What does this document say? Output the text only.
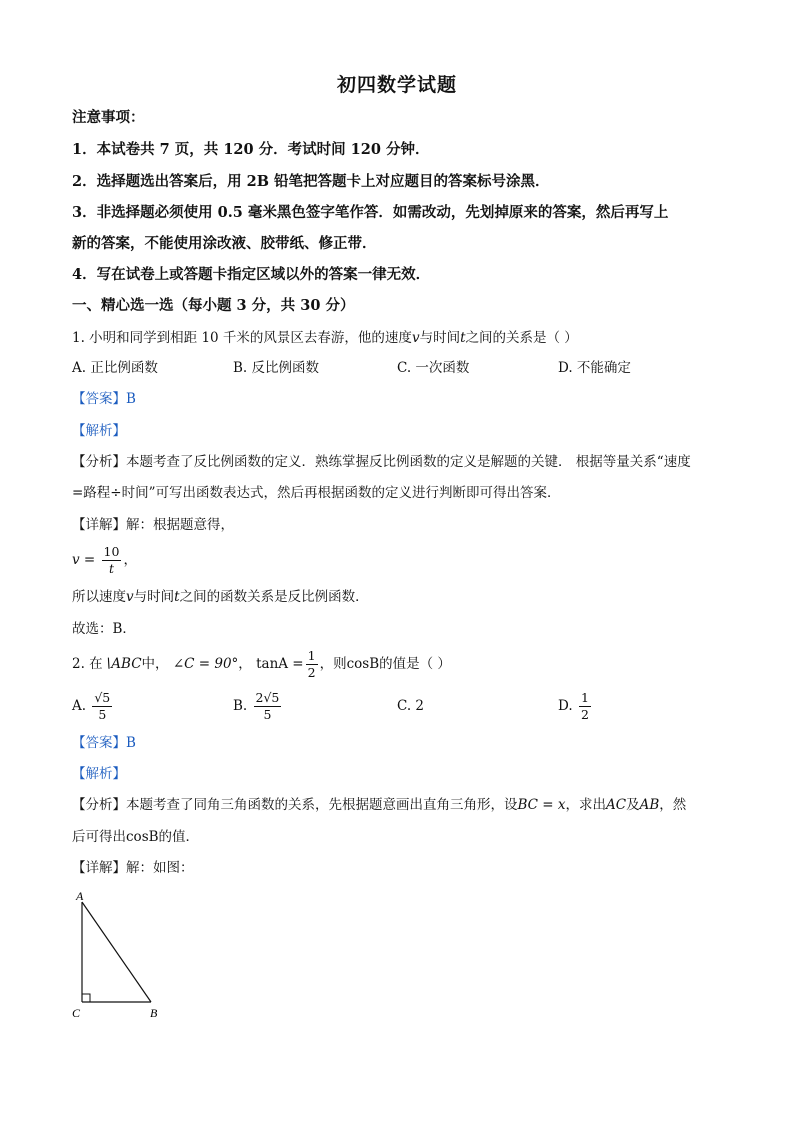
初四数学试题
注意事项：
1．本试卷共 7 页，共 120 分．考试时间 120 分钟．
2．选择题选出答案后，用 2B 铅笔把答题卡上对应题目的答案标号涂黑．
3．非选择题必须使用 0.5 毫米黑色签字笔作答．如需改动，先划掉原来的答案，然后再写上
新的答案，不能使用涂改液、胶带纸、修正带．
4．写在试卷上或答题卡指定区域以外的答案一律无效．
一、精心选一选（每小题 3 分，共 30 分）
1. 小明和同学到相距 10 千米的风景区去春游，他的速度v与时间t之间的关系是（ ）
A. 正比例函数	B. 反比例函数	C. 一次函数	D. 不能确定
【答案】B
【解析】
【分析】本题考查了反比例函数的定义．熟练掌握反比例函数的定义是解题的关键． 根据等量关系“速度
=路程÷时间”可写出函数表达式，然后再根据函数的定义进行判断即可得出答案．
【详解】解：根据题意得，
$v = \frac{10}{t}$ ，
所以速度v与时间t之间的函数关系是反比例函数．
故选：B．
2. 在∖ABC中， ∠C = 90°， $\tan A = \frac{1}{2}$ ，则cosB的值是（ ）
A. $\frac{√5}{5}$	B. $\frac{2√5}{5}$	C. 2	D. $\frac{1}{2}$
【答案】B
【解析】
【分析】本题考查了同角三角函数的关系，先根据题意画出直角三角形，设BC = x，求出AC及AB，然
后可得出cosB的值．
【详解】解：如图：
A
C	B
